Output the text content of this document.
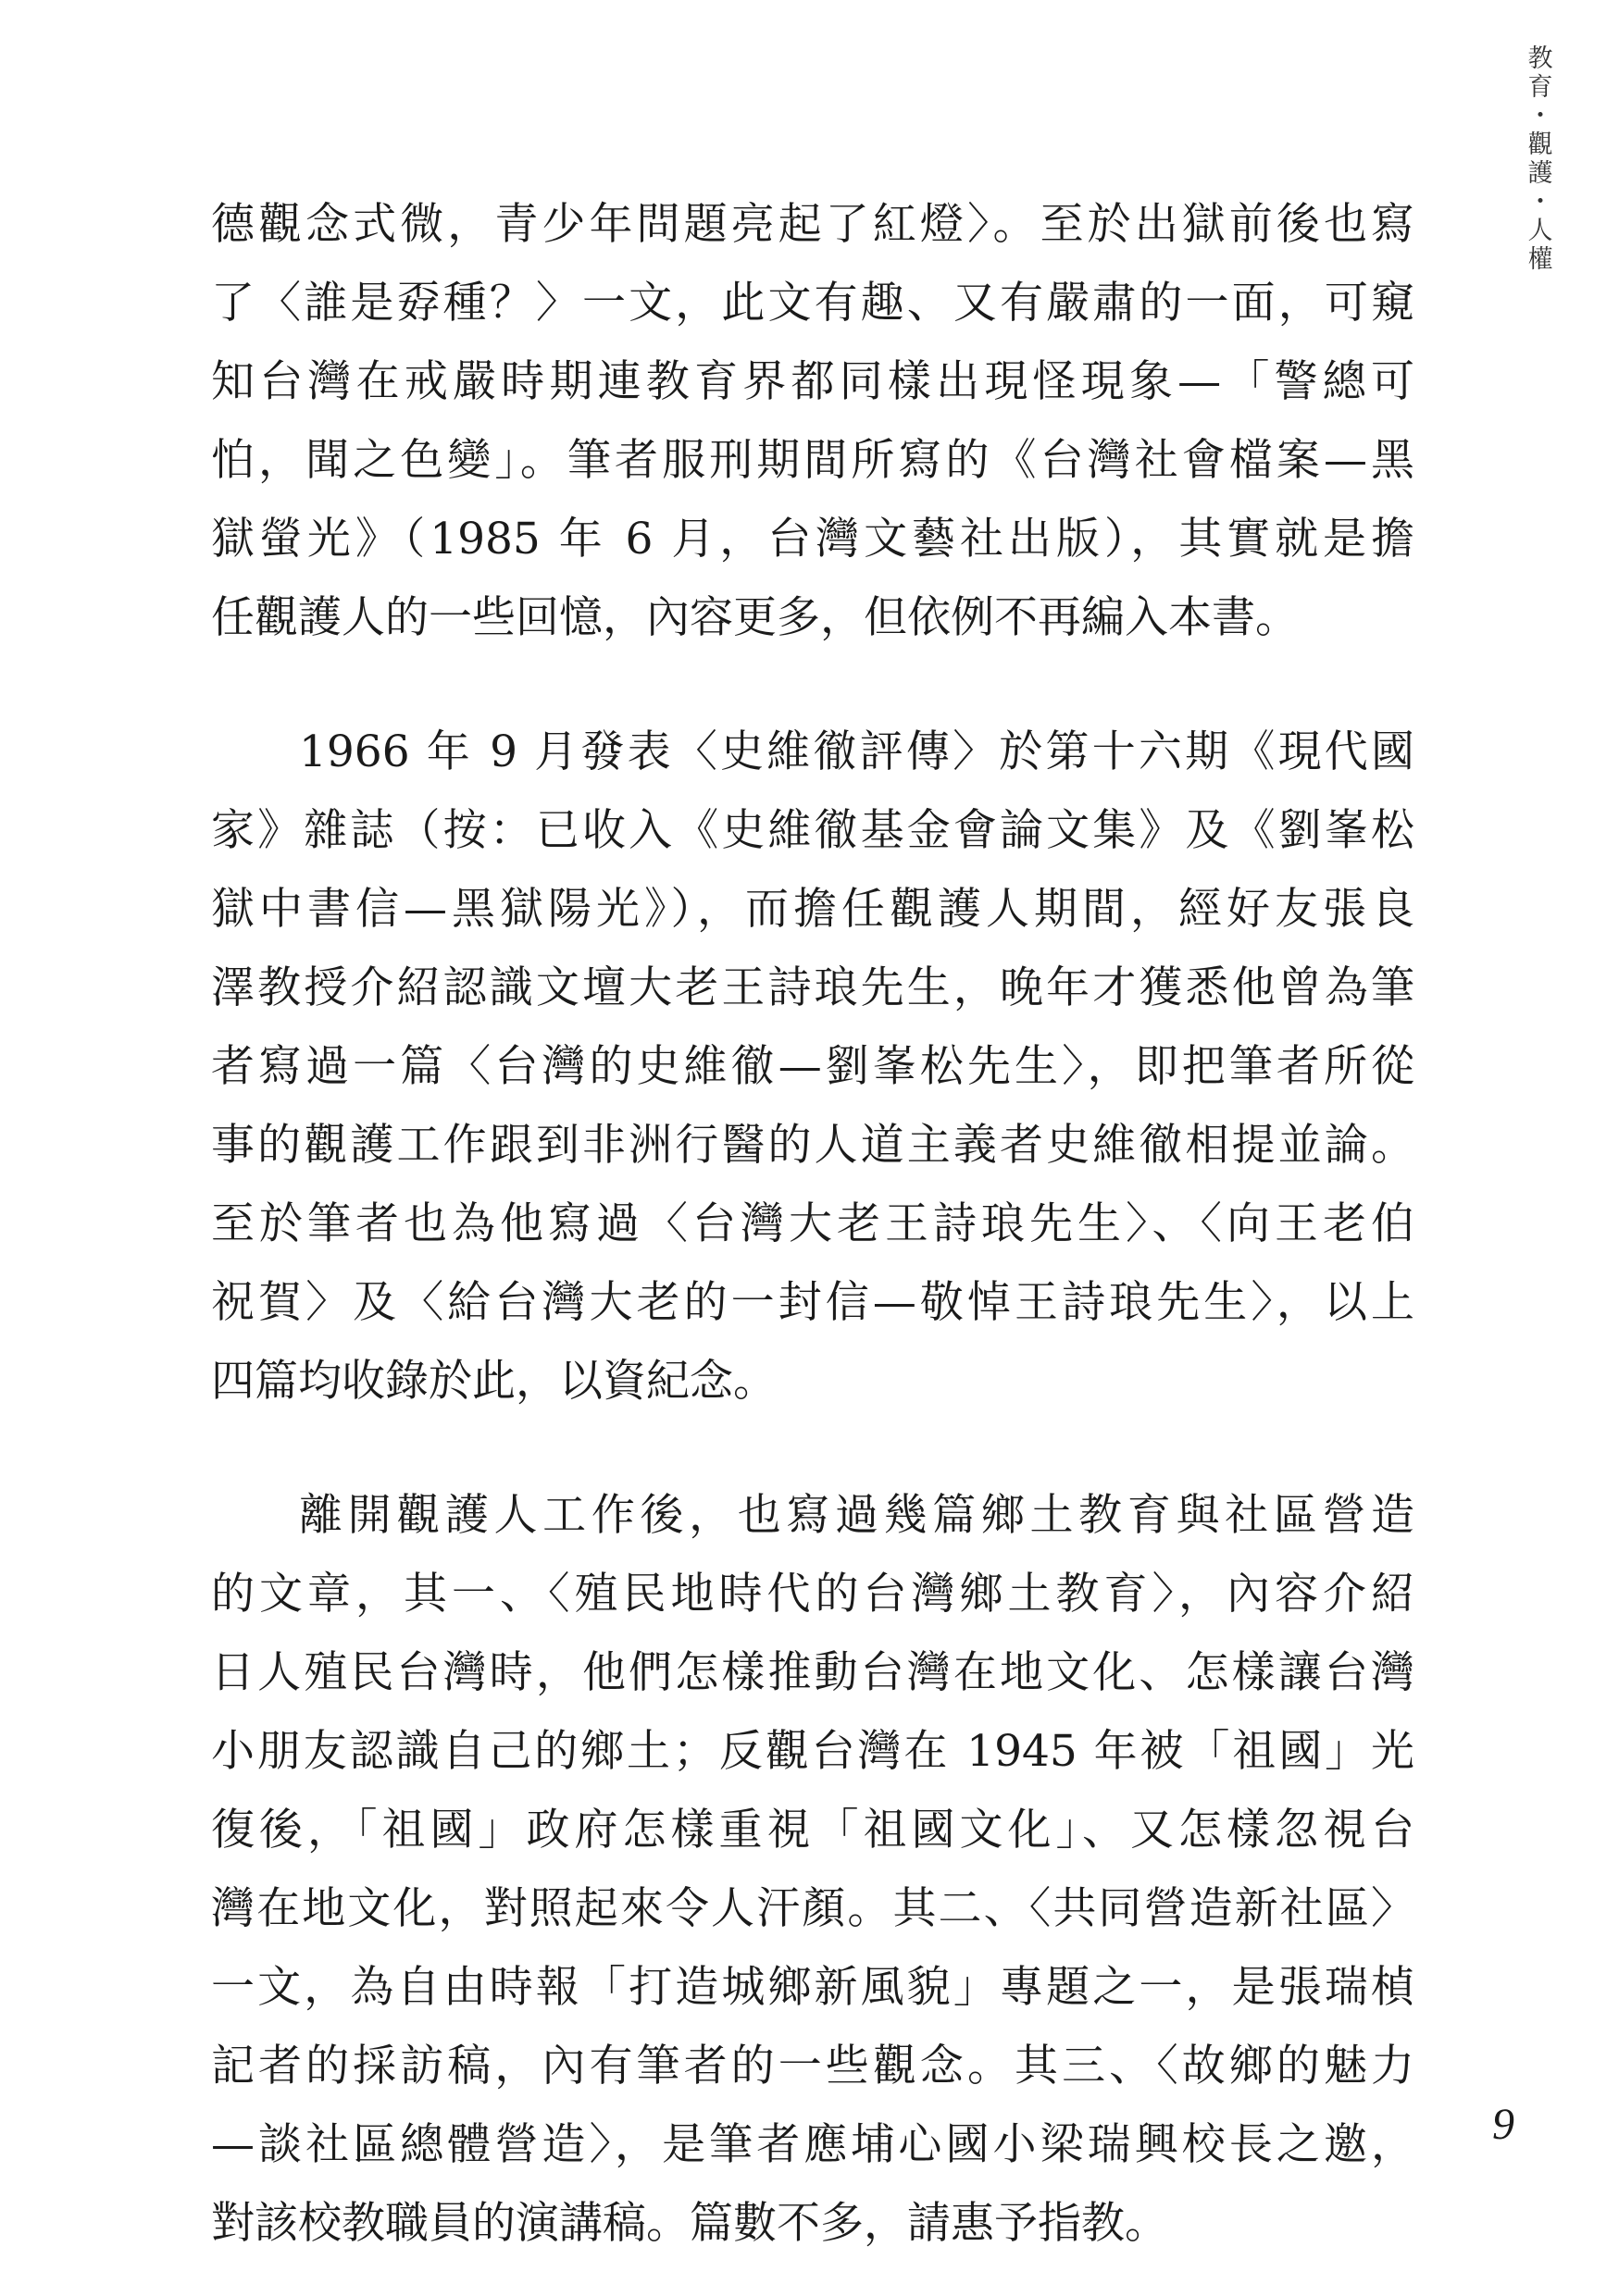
教
育
・
觀
護
・
人
權
德觀念式微，青少年問題亮起了紅燈〉。至於出獄前後也寫
了〈誰是孬種？〉一文，此文有趣、又有嚴肅的一面，可窺
知台灣在戒嚴時期連教育界都同樣出現怪現象—「警總可
怕，聞之色變」。筆者服刑期間所寫的《台灣社會檔案—黑
獄螢光》（1985 年 6 月，台灣文藝社出版），其實就是擔
任觀護人的一些回憶，內容更多，但依例不再編入本書。
1966 年 9 月發表〈史維徹評傳〉於第十六期《現代國
家》雜誌（按：已收入《史維徹基金會論文集》及《劉峯松
獄中書信—黑獄陽光》），而擔任觀護人期間，經好友張良
澤教授介紹認識文壇大老王詩琅先生，晚年才獲悉他曾為筆
者寫過一篇〈台灣的史維徹—劉峯松先生〉，即把筆者所從
事的觀護工作跟到非洲行醫的人道主義者史維徹相提並論。
至於筆者也為他寫過〈台灣大老王詩琅先生〉、〈向王老伯
祝賀〉及〈給台灣大老的一封信—敬悼王詩琅先生〉，以上
四篇均收錄於此，以資紀念。
離開觀護人工作後，也寫過幾篇鄉土教育與社區營造
的文章，其一、〈殖民地時代的台灣鄉土教育〉，內容介紹
日人殖民台灣時，他們怎樣推動台灣在地文化、怎樣讓台灣
小朋友認識自己的鄉土；反觀台灣在 1945 年被「祖國」光
復後，「祖國」政府怎樣重視「祖國文化」、又怎樣忽視台
灣在地文化，對照起來令人汗顏。其二、〈共同營造新社區〉
一文，為自由時報「打造城鄉新風貌」專題之一，是張瑞楨
記者的採訪稿，內有筆者的一些觀念。其三、〈故鄉的魅力
—談社區總體營造〉，是筆者應埔心國小梁瑞興校長之邀，
對該校教職員的演講稿。篇數不多，請惠予指教。
9
